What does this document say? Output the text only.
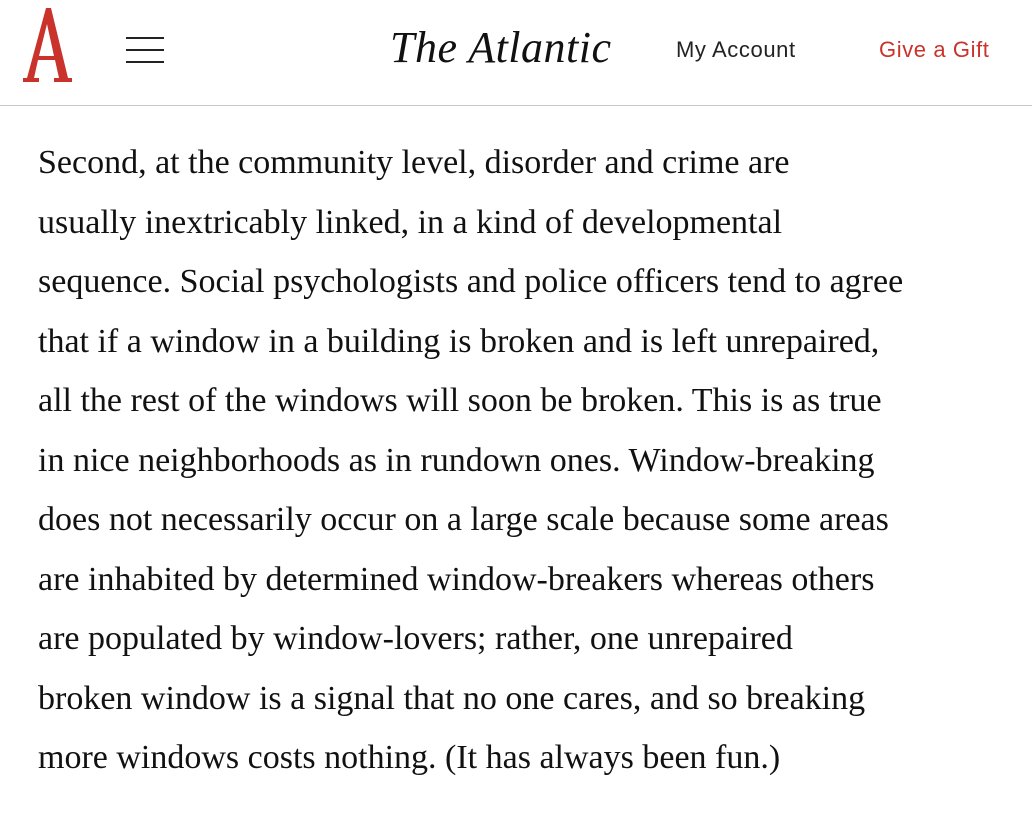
The Atlantic	My Account	Give a Gift

Second, at the community level, disorder and crime are
usually inextricably linked, in a kind of developmental
sequence. Social psychologists and police officers tend to agree
that if a window in a building is broken and is left unrepaired,
all the rest of the windows will soon be broken. This is as true
in nice neighborhoods as in rundown ones. Window-breaking
does not necessarily occur on a large scale because some areas
are inhabited by determined window-breakers whereas others
are populated by window-lovers; rather, one unrepaired
broken window is a signal that no one cares, and so breaking
more windows costs nothing. (It has always been fun.)
